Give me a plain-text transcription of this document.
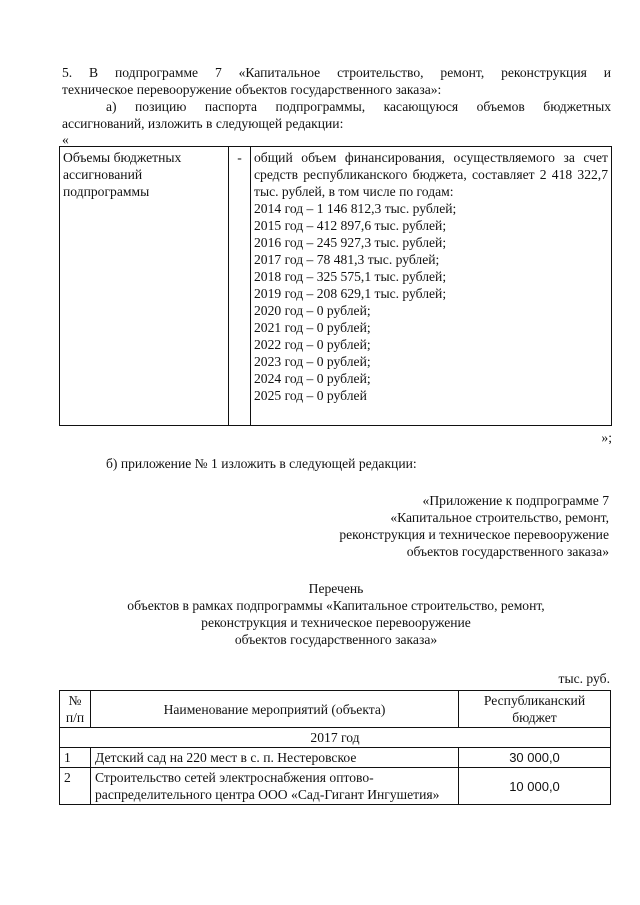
5. В подпрограмме 7 «Капитальное строительство, ремонт, реконструкция и
техническое перевооружение объектов государственного заказа»:
а) позицию паспорта подпрограммы, касающуюся объемов бюджетных
ассигнований, изложить в следующей редакции:
«
Объемы бюджетных ассигнований подпрограммы	-	общий объем финансирования, осуществляемого за счет средств республиканского бюджета, составляет 2 418 322,7 тыс. рублей, в том числе по годам:
2014 год – 1 146 812,3 тыс. рублей;
2015 год – 412 897,6 тыс. рублей;
2016 год – 245 927,3 тыс. рублей;
2017 год – 78 481,3 тыс. рублей;
2018 год – 325 575,1 тыс. рублей;
2019 год – 208 629,1 тыс. рублей;
2020 год – 0 рублей;
2021 год – 0 рублей;
2022 год – 0 рублей;
2023 год – 0 рублей;
2024 год – 0 рублей;
2025 год – 0 рублей
»;
б) приложение № 1 изложить в следующей редакции:
«Приложение к подпрограмме 7
«Капитальное строительство, ремонт,
реконструкция и техническое перевооружение
объектов государственного заказа»
Перечень
объектов в рамках подпрограммы «Капитальное строительство, ремонт,
реконструкция и техническое перевооружение
объектов государственного заказа»
тыс. руб.
№
п/п	Наименование мероприятий (объекта)	Республиканский
бюджет

2017 год		
1	Детский сад на 220 мест в с. п. Нестеровское	30 000,0
2	Строительство сетей электроснабжения оптово-распределительного центра ООО «Сад-Гигант Ингушетия»	10 000,0
